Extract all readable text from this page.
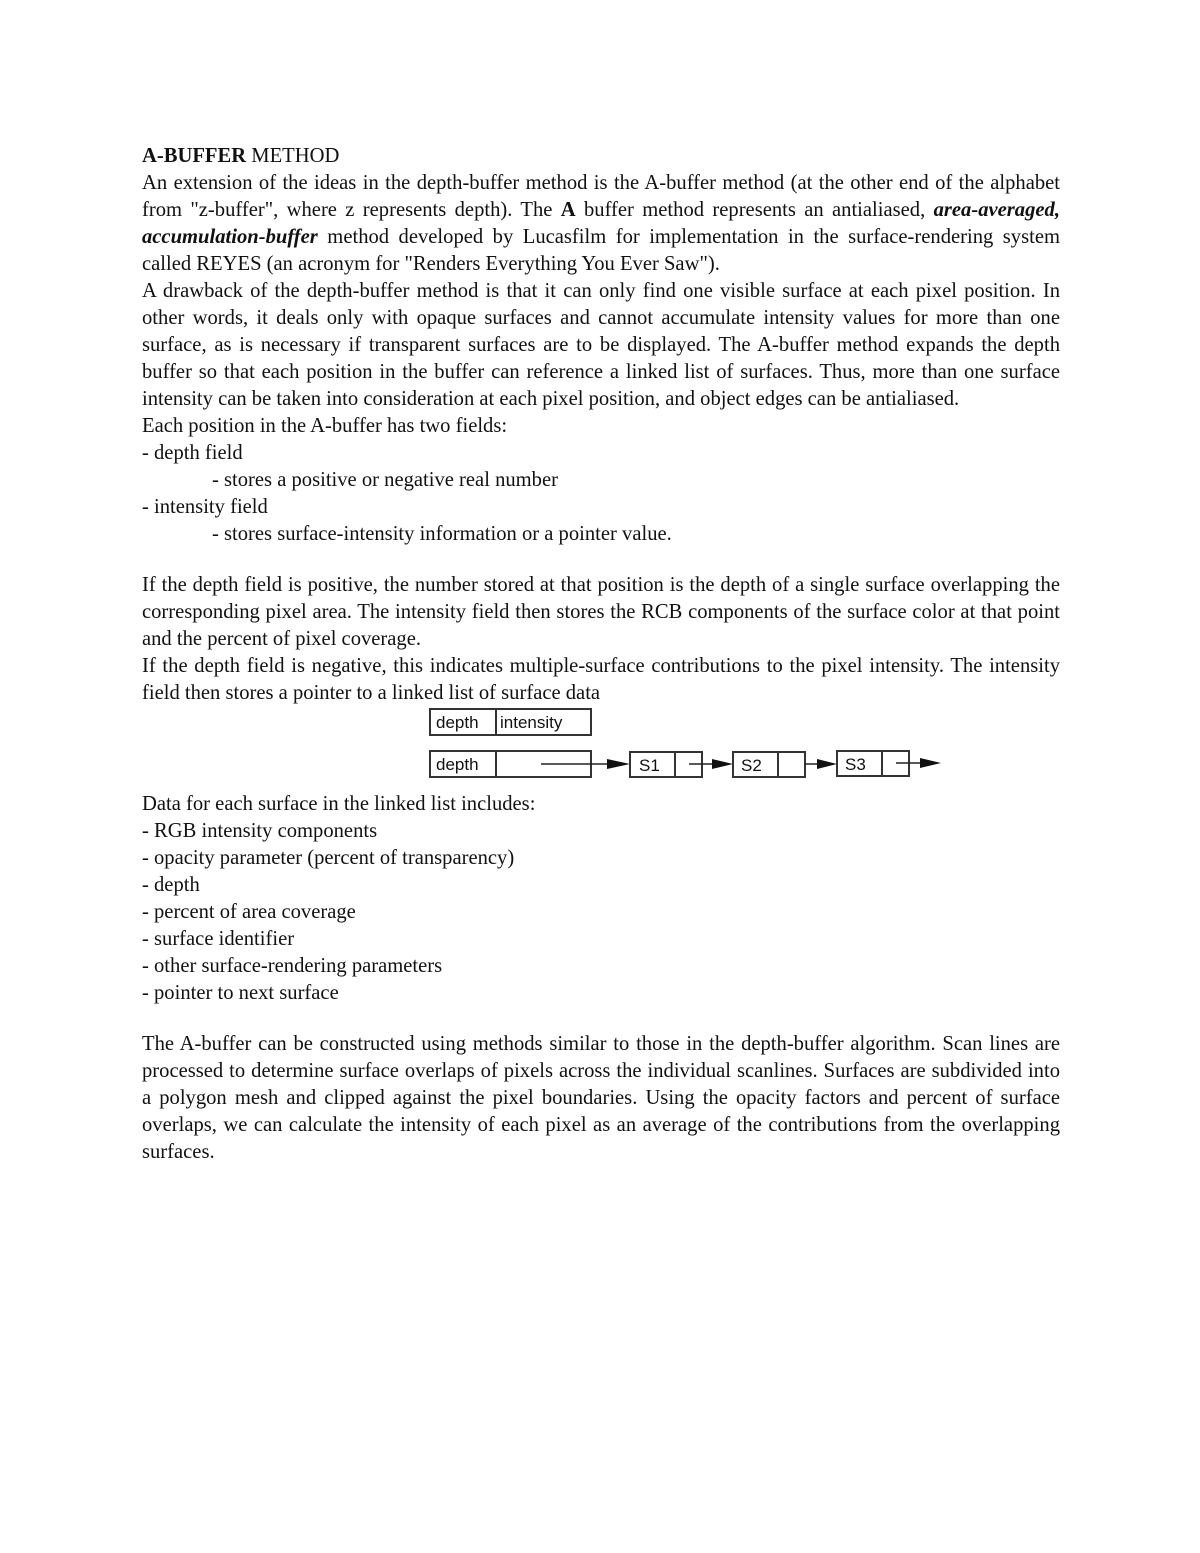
A-BUFFER METHOD

An extension of the ideas in the depth-buffer method is the A-buffer method (at the other end of the alphabet from "z-buffer", where z represents depth). The A buffer method represents an antialiased, area-averaged, accumulation-buffer method developed by Lucasfilm for implementation in the surface-rendering system called REYES (an acronym for "Renders Everything You Ever Saw").

A drawback of the depth-buffer method is that it can only find one visible surface at each pixel position. In other words, it deals only with opaque surfaces and cannot accumulate intensity values for more than one surface, as is necessary if transparent surfaces are to be displayed. The A-buffer method expands the depth buffer so that each position in the buffer can reference a linked list of surfaces. Thus, more than one surface intensity can be taken into consideration at each pixel position, and object edges can be antialiased.

Each position in the A-buffer has two fields:

- depth field

- stores a positive or negative real number

- intensity field

- stores surface-intensity information or a pointer value.

If the depth field is positive, the number stored at that position is the depth of a single surface overlapping the corresponding pixel area. The intensity field then stores the RCB components of the surface color at that point and the percent of pixel coverage.

If the depth field is negative, this indicates multiple-surface contributions to the pixel intensity. The intensity field then stores a pointer to a linked list of surface data

depth intensity
depth	S1	S2	S3

Data for each surface in the linked list includes:

- RGB intensity components

- opacity parameter (percent of transparency)

- depth

- percent of area coverage

- surface identifier

- other surface-rendering parameters

- pointer to next surface

The A-buffer can be constructed using methods similar to those in the depth-buffer algorithm. Scan lines are processed to determine surface overlaps of pixels across the individual scanlines. Surfaces are subdivided into a polygon mesh and clipped against the pixel boundaries. Using the opacity factors and percent of surface overlaps, we can calculate the intensity of each pixel as an average of the contributions from the overlapping surfaces.
